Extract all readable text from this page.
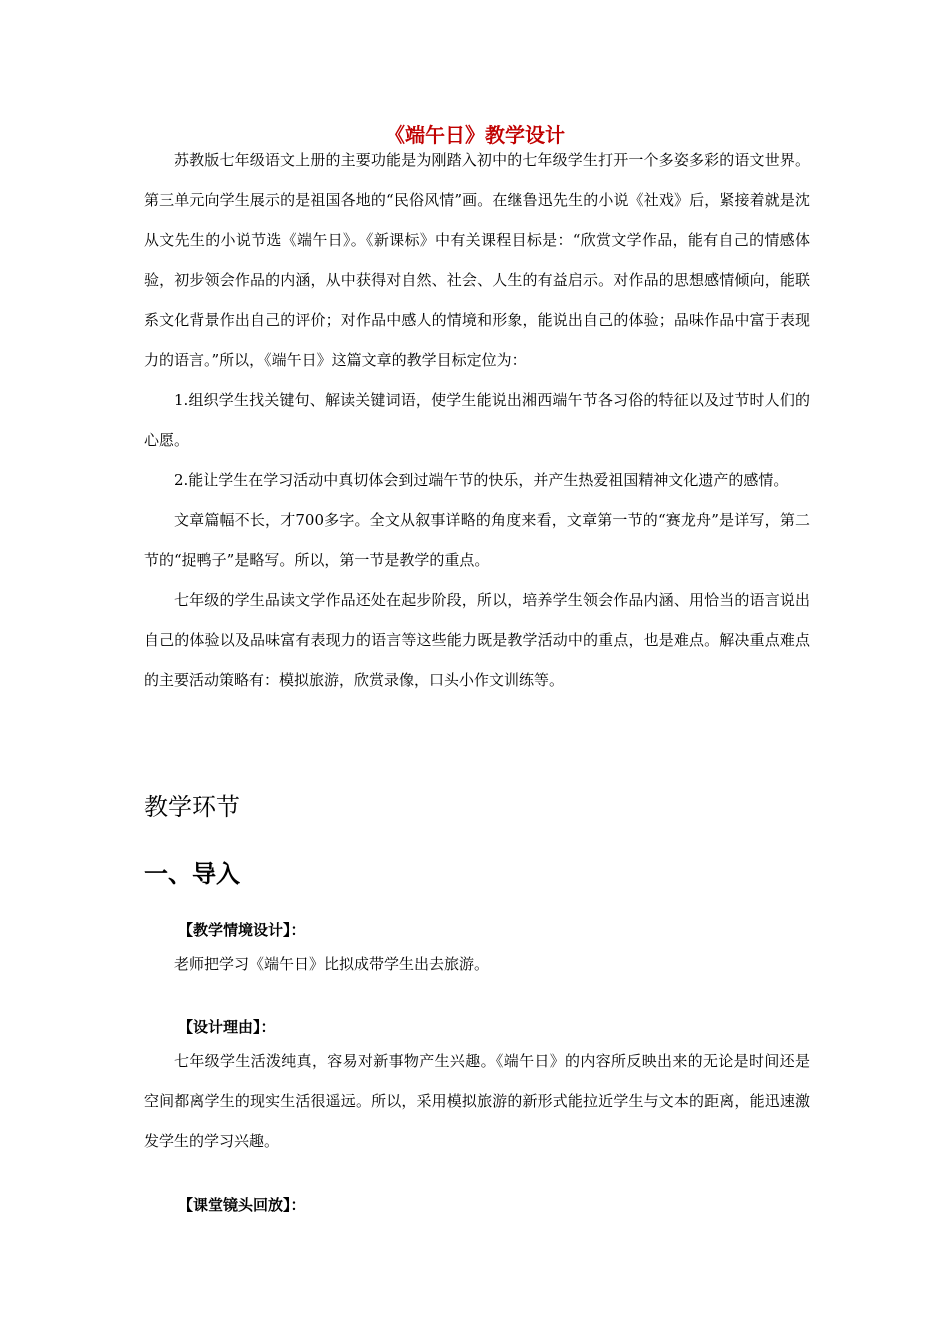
《端午日》教学设计

苏教版七年级语文上册的主要功能是为刚踏入初中的七年级学生打开一个多姿多彩的语文世界。第三单元向学生展示的是祖国各地的“民俗风情”画。在继鲁迅先生的小说《社戏》后，紧接着就是沈从文先生的小说节选《端午日》。《新课标》中有关课程目标是：“欣赏文学作品，能有自己的情感体验，初步领会作品的内涵，从中获得对自然、社会、人生的有益启示。对作品的思想感情倾向，能联系文化背景作出自己的评价；对作品中感人的情境和形象，能说出自己的体验；品味作品中富于表现力的语言。”所以，《端午日》这篇文章的教学目标定位为：

1.组织学生找关键句、解读关键词语，使学生能说出湘西端午节各习俗的特征以及过节时人们的心愿。

2.能让学生在学习活动中真切体会到过端午节的快乐，并产生热爱祖国精神文化遗产的感情。

文章篇幅不长，才700多字。全文从叙事详略的角度来看，文章第一节的“赛龙舟”是详写，第二节的“捉鸭子”是略写。所以，第一节是教学的重点。

七年级的学生品读文学作品还处在起步阶段，所以，培养学生领会作品内涵、用恰当的语言说出自己的体验以及品味富有表现力的语言等这些能力既是教学活动中的重点，也是难点。解决重点难点的主要活动策略有：模拟旅游，欣赏录像，口头小作文训练等。

教学环节
一、导入
【教学情境设计】：

老师把学习《端午日》比拟成带学生出去旅游。

【设计理由】：

七年级学生活泼纯真，容易对新事物产生兴趣。《端午日》的内容所反映出来的无论是时间还是空间都离学生的现实生活很遥远。所以，采用模拟旅游的新形式能拉近学生与文本的距离，能迅速激发学生的学习兴趣。

【课堂镜头回放】：
